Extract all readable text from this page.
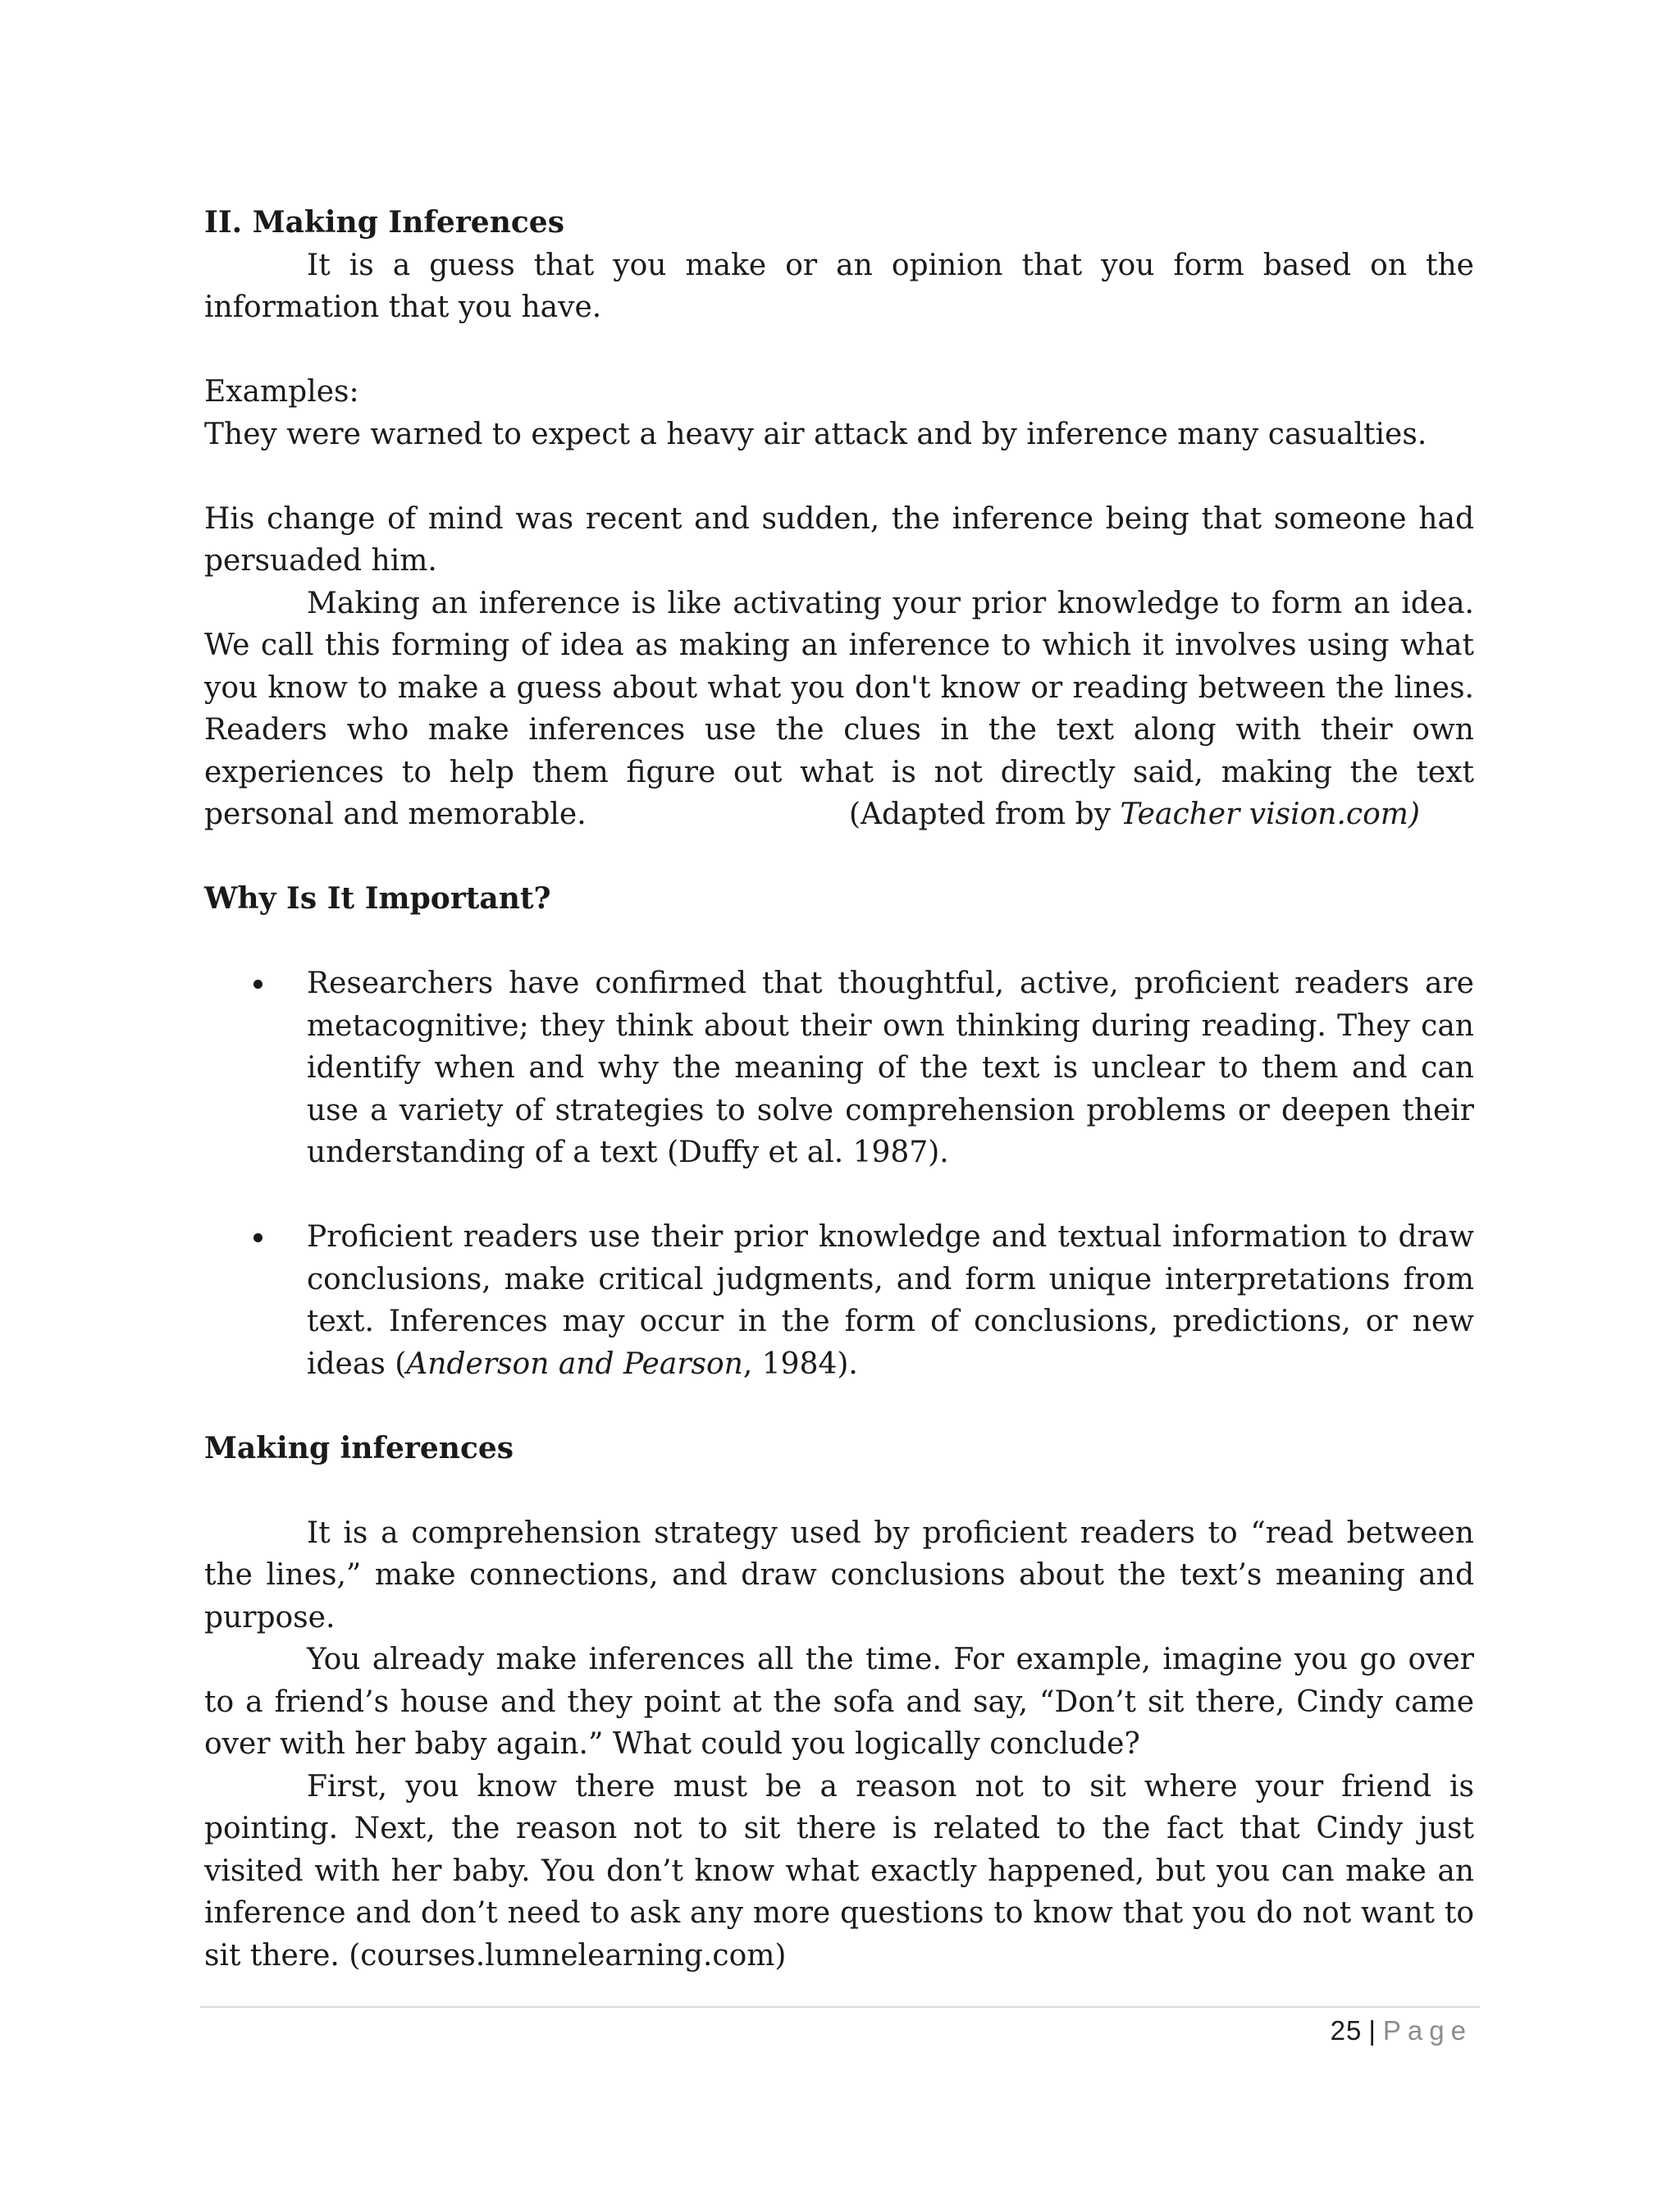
II. Making Inferences

It is a guess that you make or an opinion that you form based on the information that you have.

Examples:

They were warned to expect a heavy air attack and by inference many casualties.

His change of mind was recent and sudden, the inference being that someone had persuaded him.

Making an inference is like activating your prior knowledge to form an idea. We call this forming of idea as making an inference to which it involves using what you know to make a guess about what you don't know or reading between the lines. Readers who make inferences use the clues in the text along with their own experiences to help them figure out what is not directly said, making the text

personal and memorable.	(Adapted from by Teacher vision.com)

Why Is It Important?

Researchers have confirmed that thoughtful, active, proficient readers are metacognitive; they think about their own thinking during reading. They can identify when and why the meaning of the text is unclear to them and can use a variety of strategies to solve comprehension problems or deepen their understanding of a text (Duffy et al. 1987).
Proficient readers use their prior knowledge and textual information to draw conclusions, make critical judgments, and form unique interpretations from text. Inferences may occur in the form of conclusions, predictions, or new ideas (Anderson and Pearson, 1984).

Making inferences

It is a comprehension strategy used by proficient readers to “read between the lines,” make connections, and draw conclusions about the text’s meaning and purpose.

You already make inferences all the time. For example, imagine you go over to a friend’s house and they point at the sofa and say, “Don’t sit there, Cindy came over with her baby again.” What could you logically conclude?

First, you know there must be a reason not to sit where your friend is pointing. Next, the reason not to sit there is related to the fact that Cindy just visited with her baby. You don’t know what exactly happened, but you can make an inference and don’t need to ask any more questions to know that you do not want to sit there. (courses.lumnelearning.com)

25 | Page
